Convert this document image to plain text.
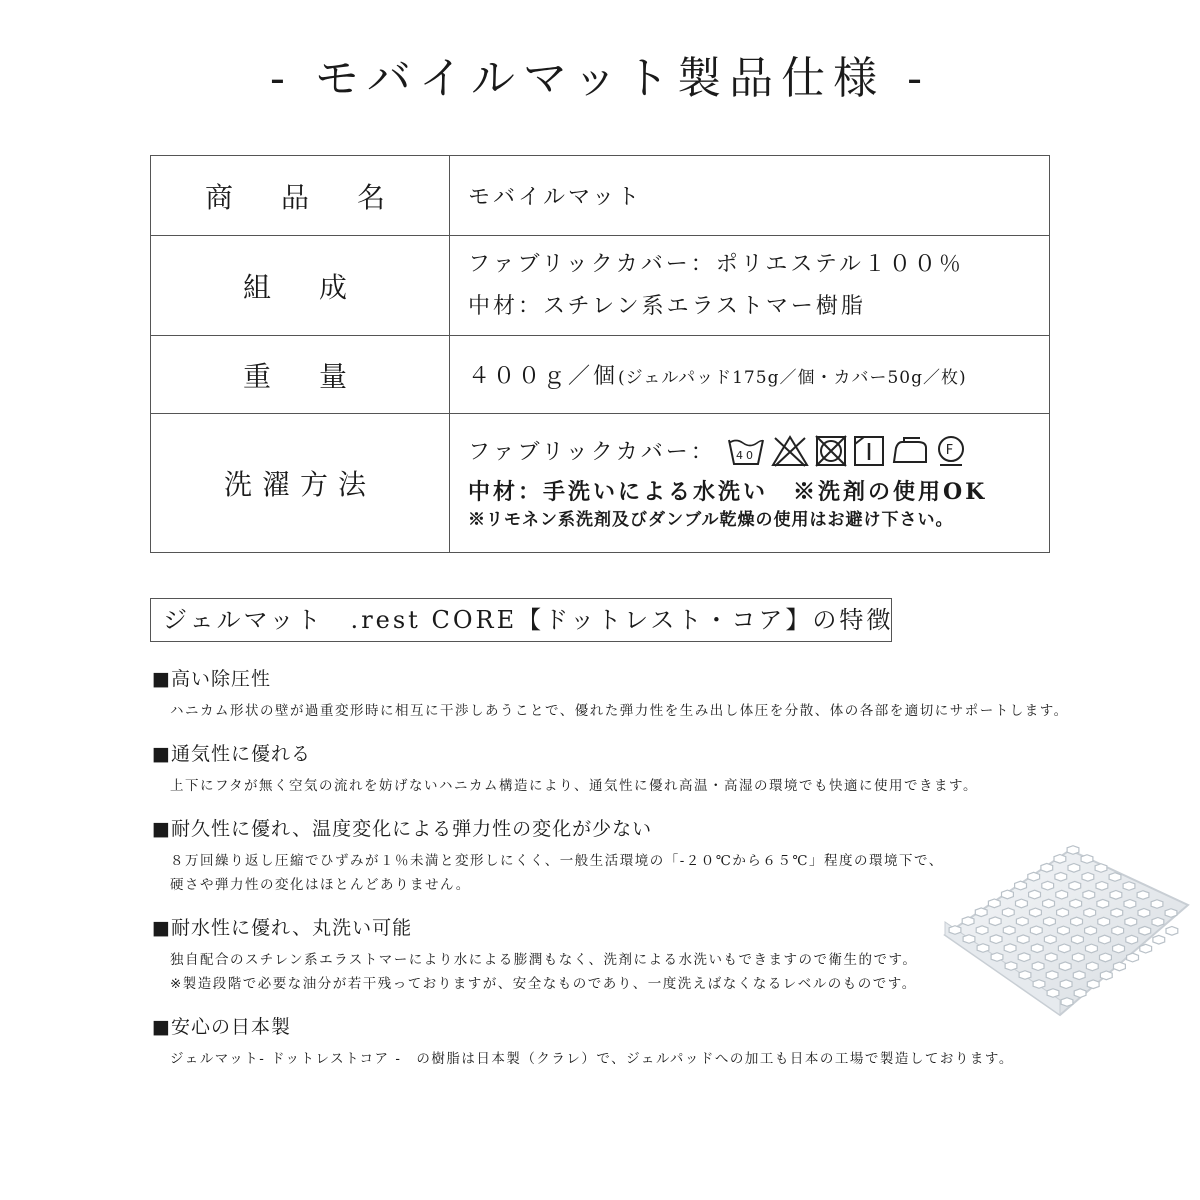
- モバイルマット製品仕様 -
商　品　名	モバイルマット
組　成	ファブリックカバー：ポリエステル１００％
中材：スチレン系エラストマー樹脂

重　量	４００ｇ／個(ジェルパッド175g／個・カバー50g／枚)
洗濯方法	ファブリックカバー： 40 F
中材：手洗いによる水洗い　※洗剤の使用OK
※リモネン系洗剤及びダンブル乾燥の使用はお避け下さい。
ジェルマット　.rest CORE【ドットレスト・コア】の特徴

■高い除圧性

ハニカム形状の壁が過重変形時に相互に干渉しあうことで、優れた弾力性を生み出し体圧を分散、体の各部を適切にサポートします。

■通気性に優れる

上下にフタが無く空気の流れを妨げないハニカム構造により、通気性に優れ高温・高湿の環境でも快適に使用できます。

■耐久性に優れ、温度変化による弾力性の変化が少ない

８万回繰り返し圧縮でひずみが１％未満と変形しにくく、一般生活環境の「-２０℃から６５℃」程度の環境下で、
硬さや弾力性の変化はほとんどありません。

■耐水性に優れ、丸洗い可能

独自配合のスチレン系エラストマーにより水による膨潤もなく、洗剤による水洗いもできますので衛生的です。
※製造段階で必要な油分が若干残っておりますが、安全なものであり、一度洗えばなくなるレベルのものです。

■安心の日本製

ジェルマット- ドットレストコア -　の樹脂は日本製（クラレ）で、ジェルパッドへの加工も日本の工場で製造しております。
